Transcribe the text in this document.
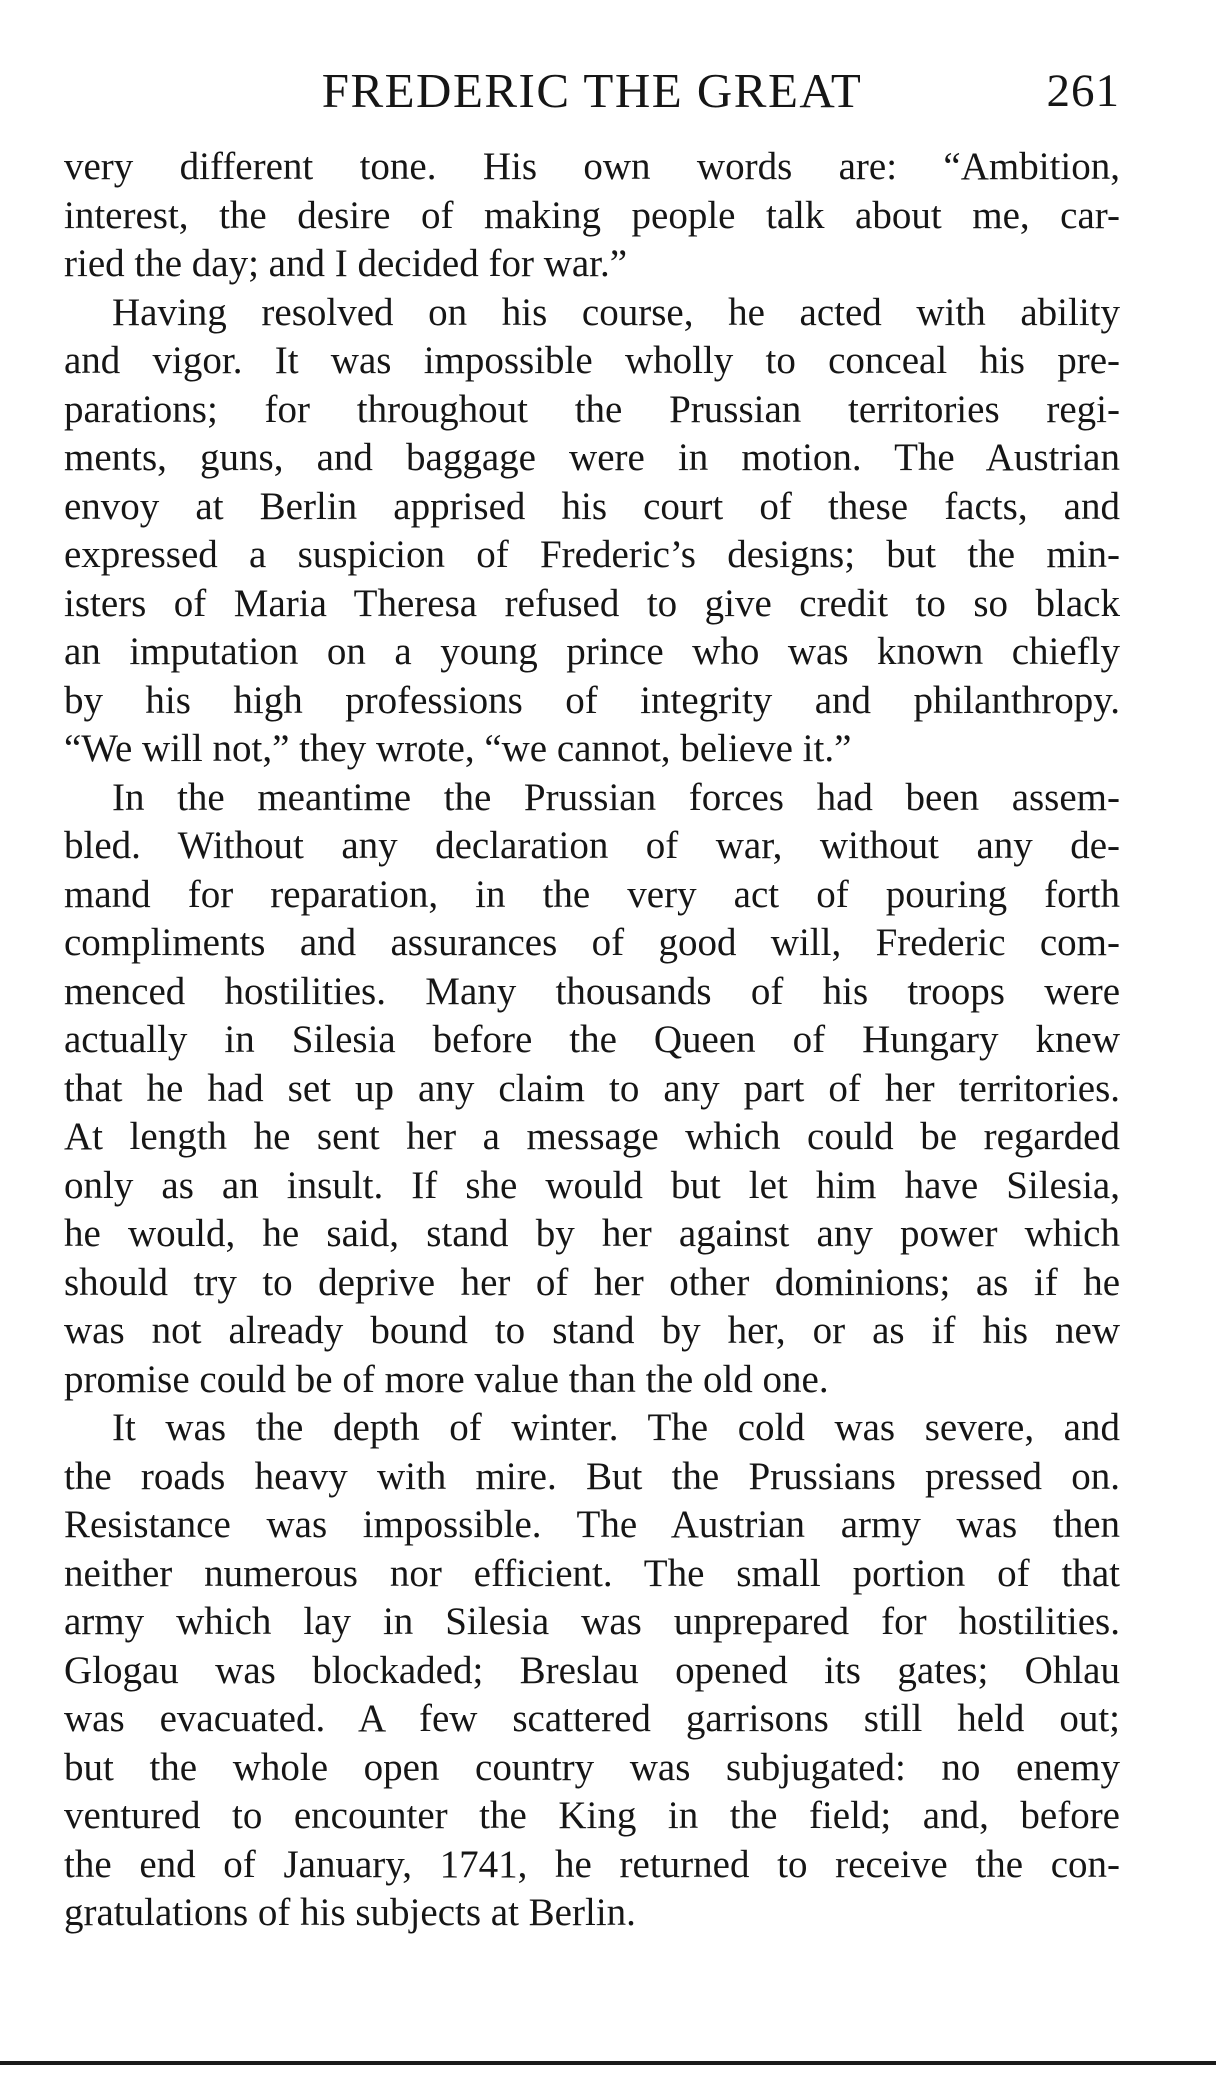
FREDERIC THE GREAT	261
very different tone. His own words are: “Ambition,
interest, the desire of making people talk about me, car-
ried the day; and I decided for war.”
Having resolved on his course, he acted with ability
and vigor. It was impossible wholly to conceal his pre-
parations; for throughout the Prussian territories regi-
ments, guns, and baggage were in motion. The Austrian
envoy at Berlin apprised his court of these facts, and
expressed a suspicion of Frederic’s designs; but the min-
isters of Maria Theresa refused to give credit to so black
an imputation on a young prince who was known chiefly
by his high professions of integrity and philanthropy.
“We will not,” they wrote, “we cannot, believe it.”
In the meantime the Prussian forces had been assem-
bled. Without any declaration of war, without any de-
mand for reparation, in the very act of pouring forth
compliments and assurances of good will, Frederic com-
menced hostilities. Many thousands of his troops were
actually in Silesia before the Queen of Hungary knew
that he had set up any claim to any part of her territories.
At length he sent her a message which could be regarded
only as an insult. If she would but let him have Silesia,
he would, he said, stand by her against any power which
should try to deprive her of her other dominions; as if he
was not already bound to stand by her, or as if his new
promise could be of more value than the old one.
It was the depth of winter. The cold was severe, and
the roads heavy with mire. But the Prussians pressed on.
Resistance was impossible. The Austrian army was then
neither numerous nor efficient. The small portion of that
army which lay in Silesia was unprepared for hostilities.
Glogau was blockaded; Breslau opened its gates; Ohlau
was evacuated. A few scattered garrisons still held out;
but the whole open country was subjugated: no enemy
ventured to encounter the King in the field; and, before
the end of January, 1741, he returned to receive the con-
gratulations of his subjects at Berlin.
